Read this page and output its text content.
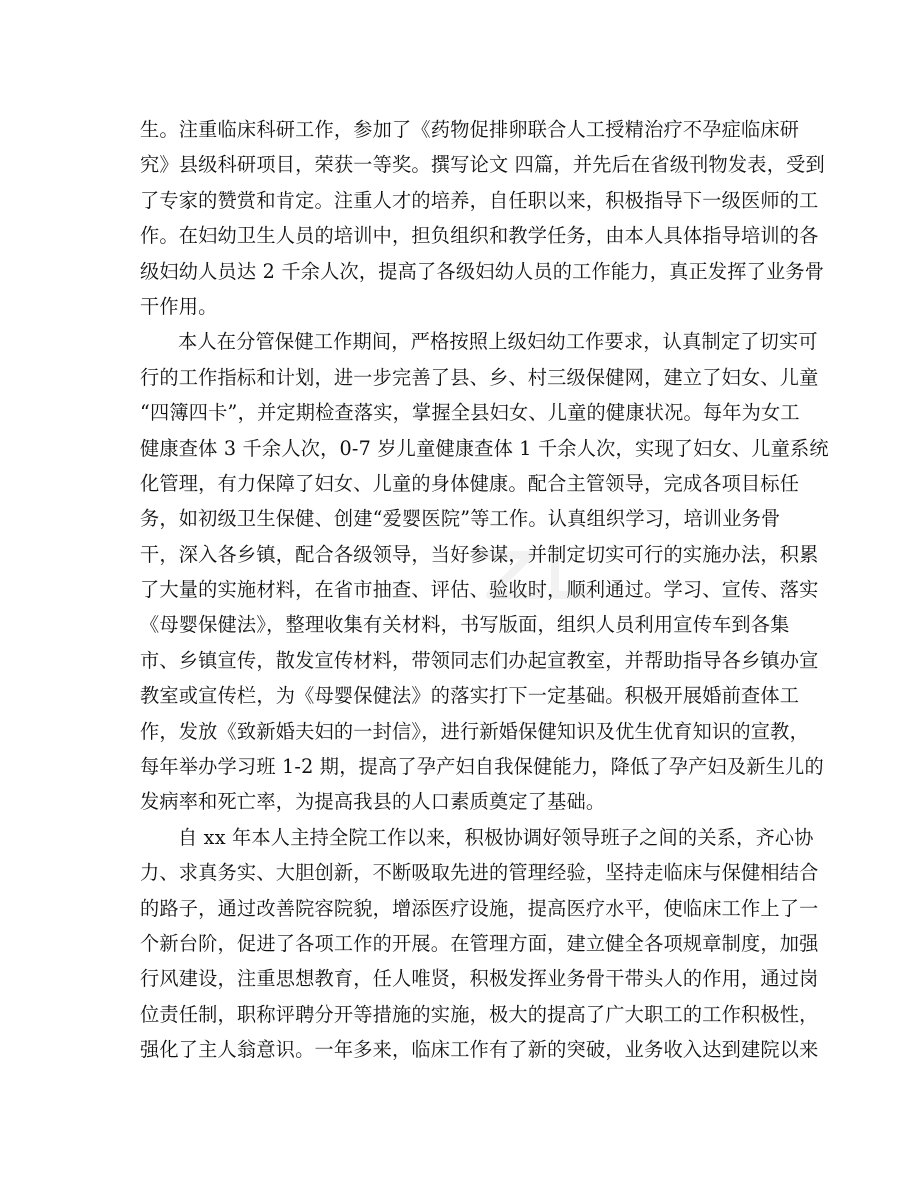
生。注重临床科研工作，参加了《药物促排卵联合人工授精治疗不孕症临床研
究》县级科研项目，荣获一等奖。撰写论文 四篇，并先后在省级刊物发表，受到
了专家的赞赏和肯定。注重人才的培养，自任职以来，积极指导下一级医师的工
作。在妇幼卫生人员的培训中，担负组织和教学任务，由本人具体指导培训的各
级妇幼人员达 2 千余人次，提高了各级妇幼人员的工作能力，真正发挥了业务骨
干作用。
本人在分管保健工作期间，严格按照上级妇幼工作要求，认真制定了切实可
行的工作指标和计划，进一步完善了县、乡、村三级保健网，建立了妇女、儿童
“四簿四卡”，并定期检查落实，掌握全县妇女、儿童的健康状况。每年为女工
健康查体 3 千余人次，0-7 岁儿童健康查体 1 千余人次，实现了妇女、儿童系统
化管理，有力保障了妇女、儿童的身体健康。配合主管领导，完成各项目标任
务，如初级卫生保健、创建“爱婴医院”等工作。认真组织学习，培训业务骨
干，深入各乡镇，配合各级领导，当好参谋，并制定切实可行的实施办法，积累
了大量的实施材料，在省市抽查、评估、验收时，顺利通过。学习、宣传、落实
《母婴保健法》，整理收集有关材料，书写版面，组织人员利用宣传车到各集
市、乡镇宣传，散发宣传材料，带领同志们办起宣教室，并帮助指导各乡镇办宣
教室或宣传栏，为《母婴保健法》的落实打下一定基础。积极开展婚前查体工
作，发放《致新婚夫妇的一封信》，进行新婚保健知识及优生优育知识的宣教，
每年举办学习班 1-2 期，提高了孕产妇自我保健能力，降低了孕产妇及新生儿的
发病率和死亡率，为提高我县的人口素质奠定了基础。
自 xx 年本人主持全院工作以来，积极协调好领导班子之间的关系，齐心协
力、求真务实、大胆创新，不断吸取先进的管理经验，坚持走临床与保健相结合
的路子，通过改善院容院貌，增添医疗设施，提高医疗水平，使临床工作上了一
个新台阶，促进了各项工作的开展。在管理方面，建立健全各项规章制度，加强
行风建设，注重思想教育，任人唯贤，积极发挥业务骨干带头人的作用，通过岗
位责任制，职称评聘分开等措施的实施，极大的提高了广大职工的工作积极性，
强化了主人翁意识。一年多来，临床工作有了新的突破，业务收入达到建院以来
